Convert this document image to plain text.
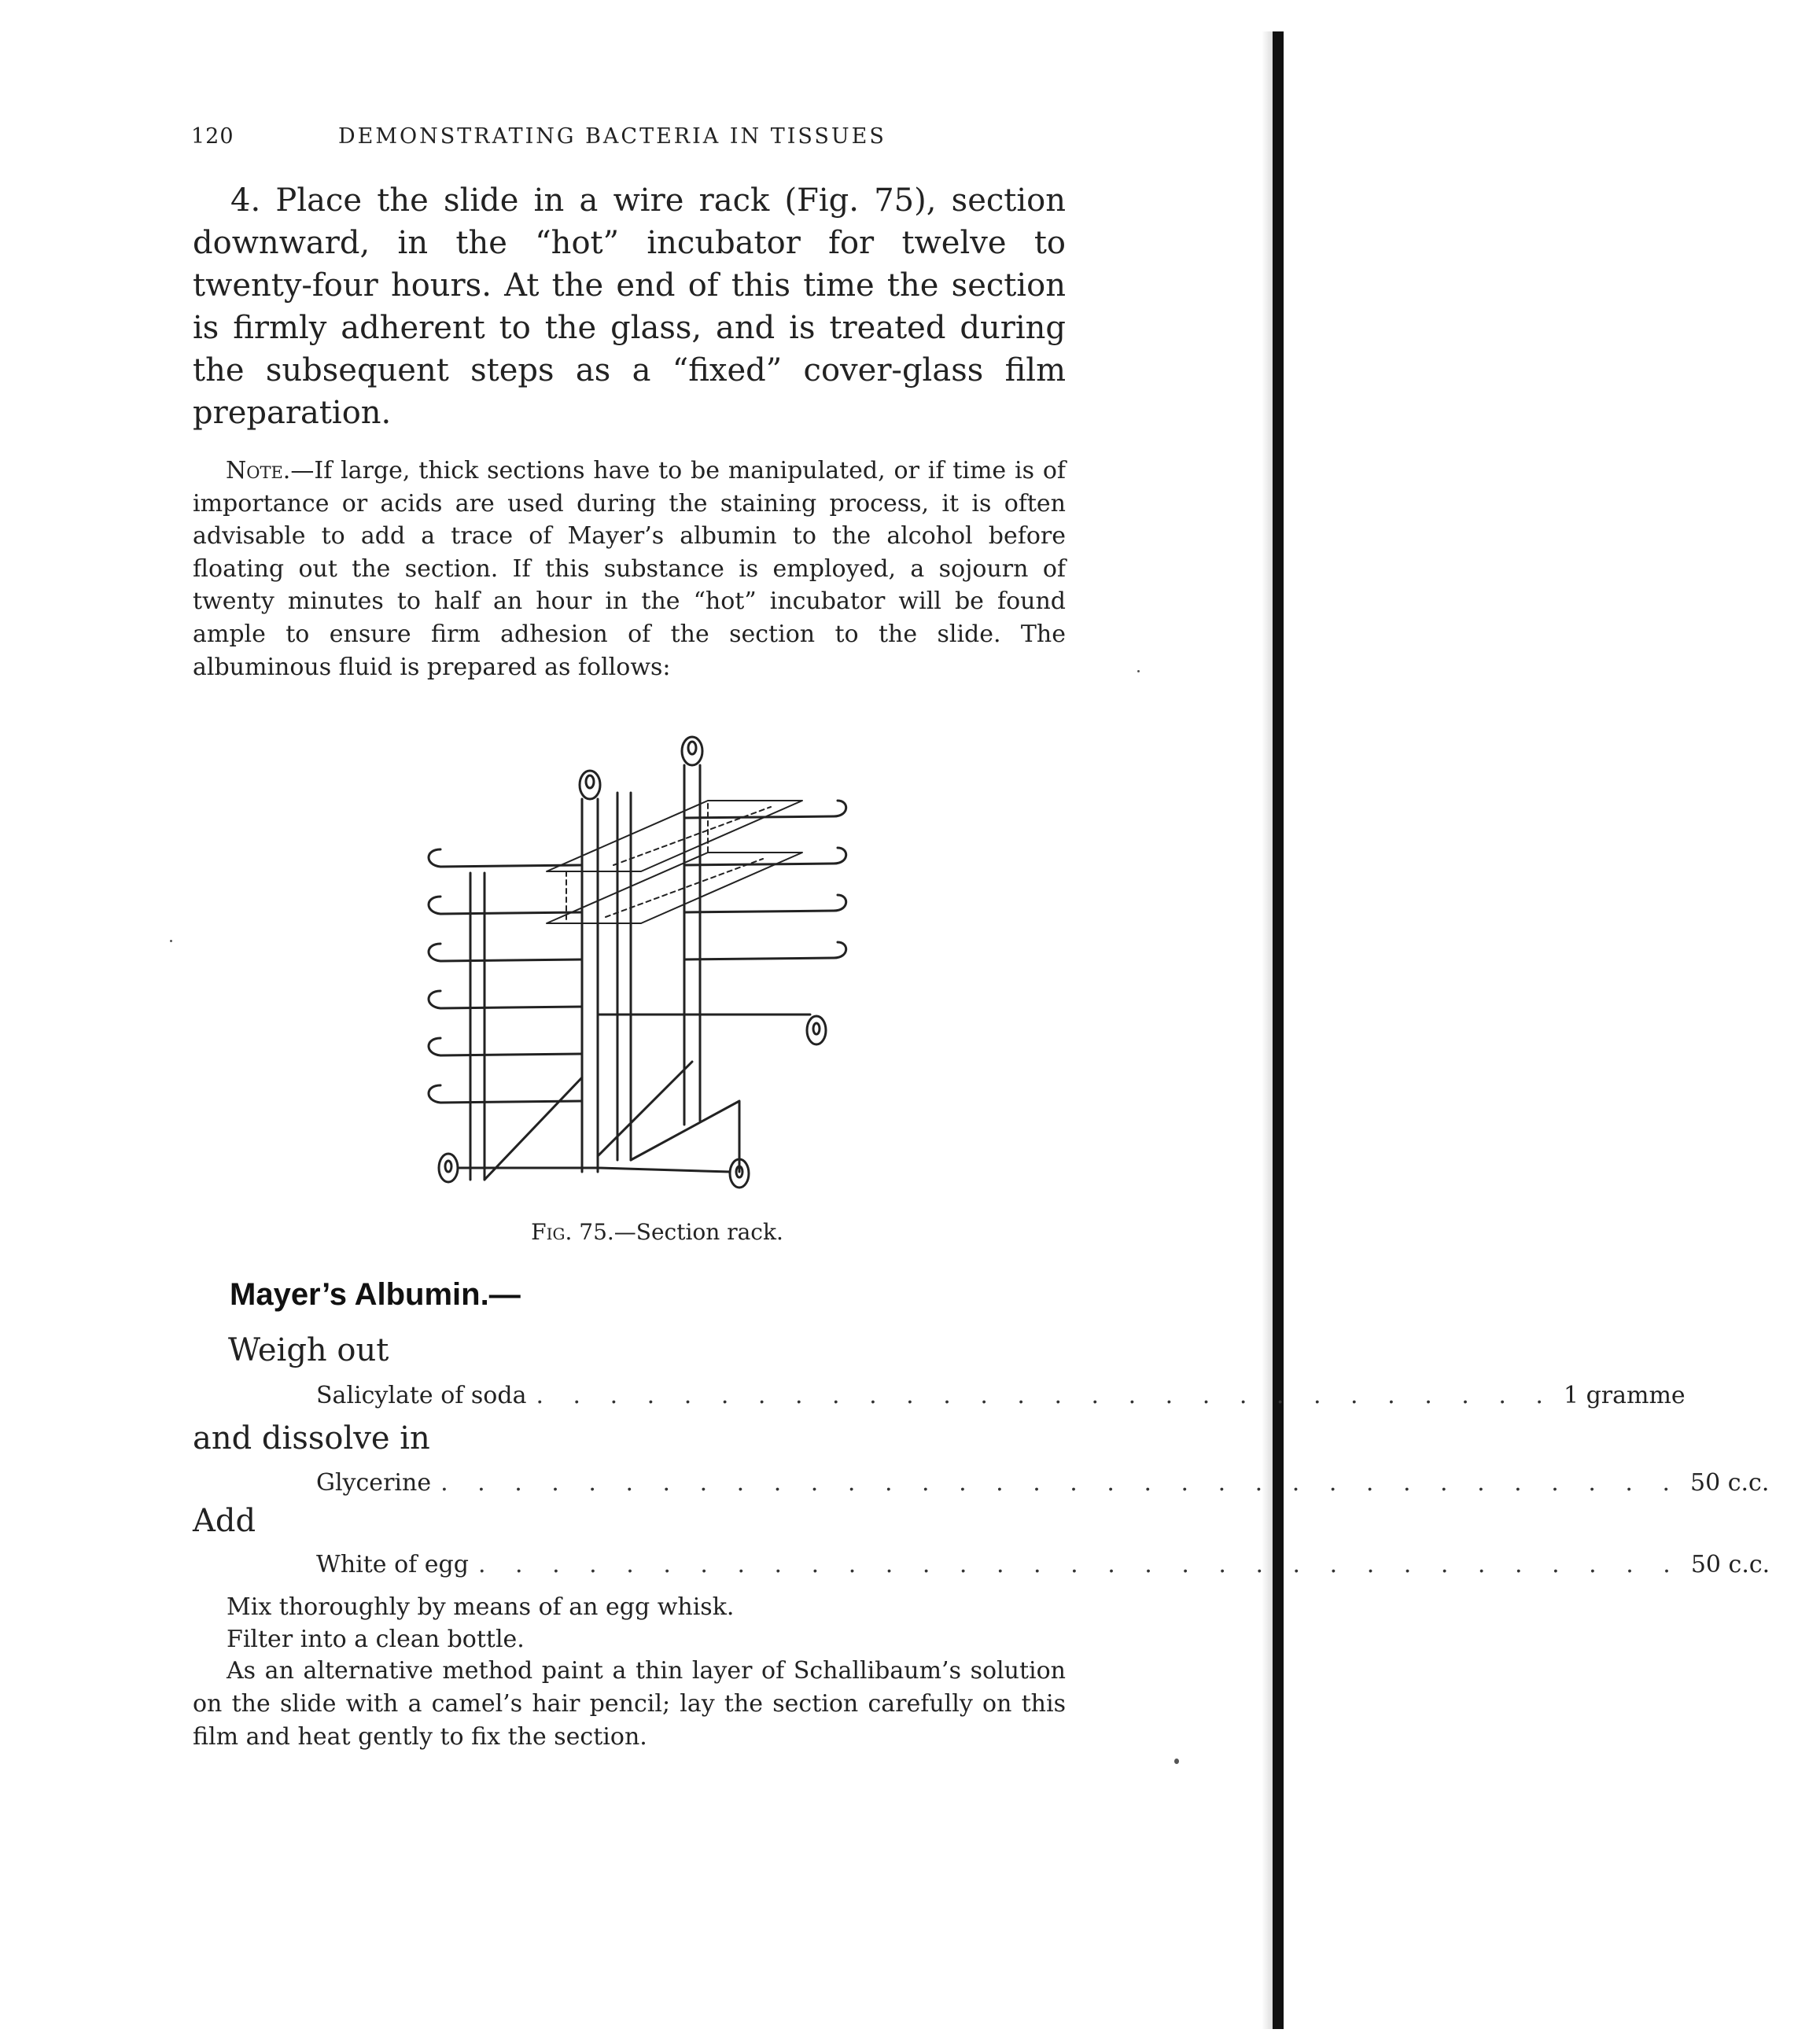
120	DEMONSTRATING BACTERIA IN TISSUES
4. Place the slide in a wire rack (Fig. 75), section downward, in the “hot” incubator for twelve to twenty-four hours. At the end of this time the section is firmly adherent to the glass, and is treated during the subsequent steps as a “fixed” cover-glass film preparation.
Note.—If large, thick sections have to be manipulated, or if time is of importance or acids are used during the staining process, it is often advisable to add a trace of Mayer’s albumin to the alcohol before floating out the section. If this substance is employed, a sojourn of twenty minutes to half an hour in the “hot” incubator will be found ample to ensure firm adhesion of the section to the slide. The albuminous fluid is prepared as follows:
Fig. 75.—Section rack.
Mayer’s Albumin.—
Weigh out
Salicylate of soda . . . . . . . . . . . . . . . . . . . . . . . . . . . . 1 gramme
and dissolve in
Glycerine . . . . . . . . . . . . . . . . . . . . . . . . . . . . . . . . . . 50 c.c.
Add
White of egg . . . . . . . . . . . . . . . . . . . . . . . . . . . . . . . . . 50 c.c.
Mix thoroughly by means of an egg whisk.
Filter into a clean bottle.
As an alternative method paint a thin layer of Schallibaum’s solution on the slide with a camel’s hair pencil; lay the section carefully on this film and heat gently to fix the section.
